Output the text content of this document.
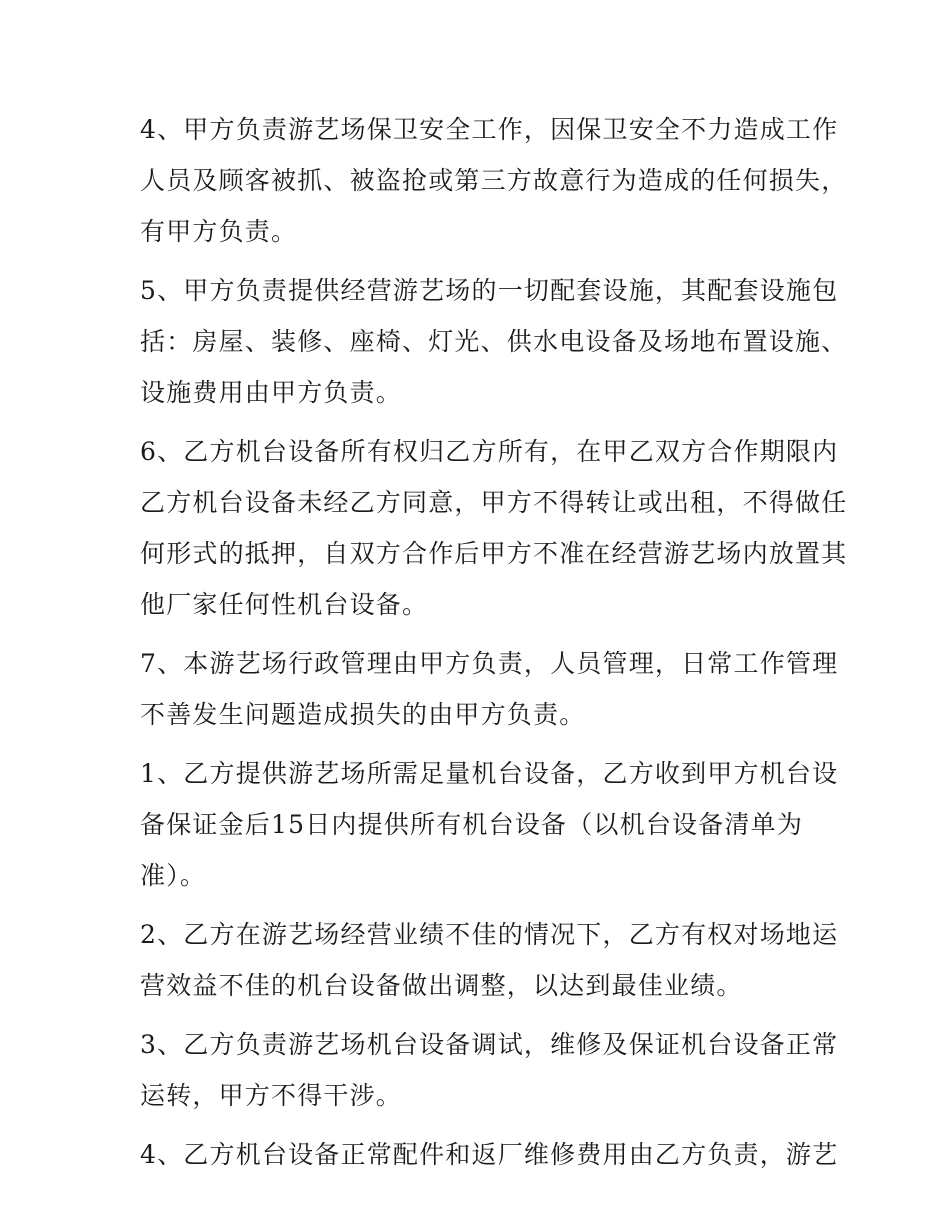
4、甲方负责游艺场保卫安全工作，因保卫安全不力造成工作
人员及顾客被抓、被盗抢或第三方故意行为造成的任何损失，
有甲方负责。
5、甲方负责提供经营游艺场的一切配套设施，其配套设施包
括：房屋、装修、座椅、灯光、供水电设备及场地布置设施、
设施费用由甲方负责。
6、乙方机台设备所有权归乙方所有，在甲乙双方合作期限内
乙方机台设备未经乙方同意，甲方不得转让或出租，不得做任
何形式的抵押，自双方合作后甲方不准在经营游艺场内放置其
他厂家任何性机台设备。
7、本游艺场行政管理由甲方负责，人员管理，日常工作管理
不善发生问题造成损失的由甲方负责。
1、乙方提供游艺场所需足量机台设备，乙方收到甲方机台设
备保证金后15日内提供所有机台设备（以机台设备清单为
准）。
2、乙方在游艺场经营业绩不佳的情况下，乙方有权对场地运
营效益不佳的机台设备做出调整，以达到最佳业绩。
3、乙方负责游艺场机台设备调试，维修及保证机台设备正常
运转，甲方不得干涉。
4、乙方机台设备正常配件和返厂维修费用由乙方负责，游艺
